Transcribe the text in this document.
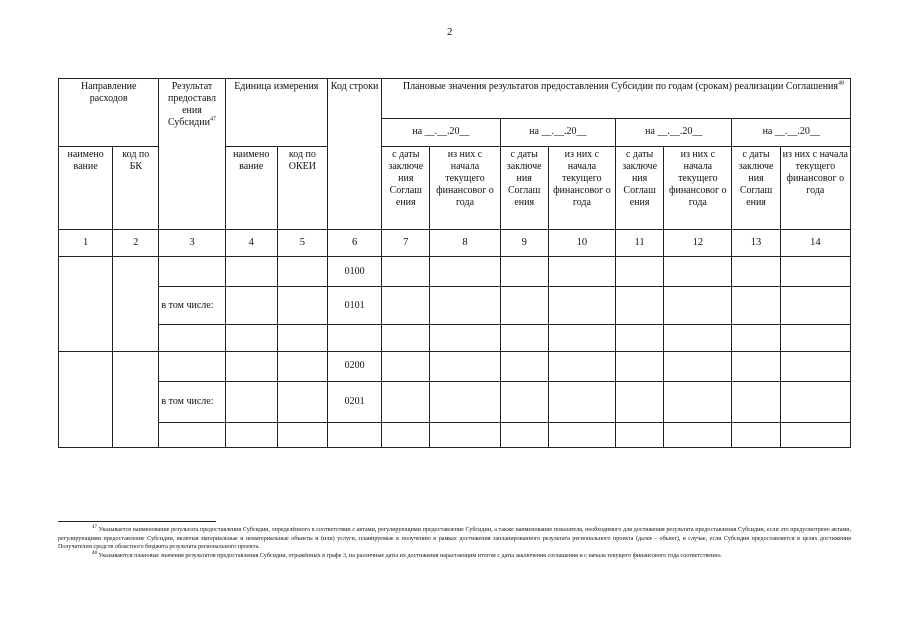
2
Направление расходов		Результат предоставл ения Субсидии$^{47}$	Единица измерения		Код строки	Плановые значения результатов предоставления Субсидии по годам (срокам) реализации Соглашения$^{48}$
						на __.__.20__		на __.__.20__		на __.__.20__		на __.__.20__	
наимено вание	код по БК		наимено вание	код по ОКЕИ		с даты заключе ния Соглаш ения	из них с начала текущего финансовог о года	с даты заключе ния Соглаш ения	из них с начала текущего финансовог о года	с даты заключе ния Соглаш ения	из них с начала текущего финансовог о года	с даты заключе ния Соглаш ения	из них с начала текущего финансовог о года
1	2	3	4	5	6	7	8	9	10	11	12	13	14
					0100								
		в том числе:			0101								

					0200								
		в том числе:			0201								

$^{47}$ Указывается наименование результата предоставления Субсидии, определённого в соответствии с актами, регулирующими предоставление Субсидии, а также наименование показателя, необходимого для достижения результата предоставления Субсидии, если это предусмотрено актами, регулирующими предоставление Субсидии, включая материальные и нематериальные объекты и (или) услуги, планируемые к получению в рамках достижения запланированного результата регионального проекта (далее - объект), в случае, если Субсидия предоставляется в целях достижения Получателем средств областного бюджета результата регионального проекта.

$^{48}$ Указываются плановые значения результатов предоставления Субсидии, отражённых в графе 3, на различные даты их достижения нарастающим итогом с даты заключения соглашения и с начала текущего финансового года соответственно.
